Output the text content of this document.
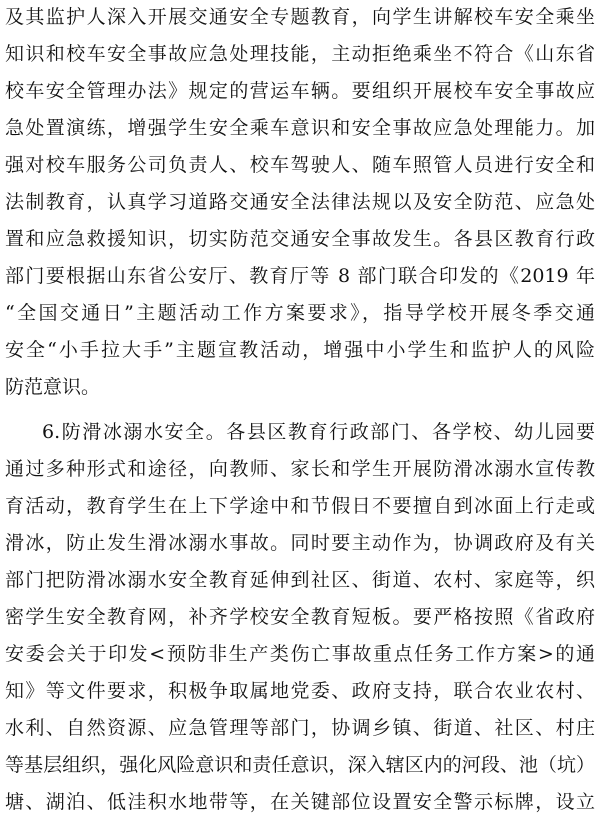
及其监护人深入开展交通安全专题教育，向学生讲解校车安全乘坐
知识和校车安全事故应急处理技能，主动拒绝乘坐不符合《山东省
校车安全管理办法》规定的营运车辆。要组织开展校车安全事故应
急处置演练，增强学生安全乘车意识和安全事故应急处理能力。加
强对校车服务公司负责人、校车驾驶人、随车照管人员进行安全和
法制教育，认真学习道路交通安全法律法规以及安全防范、应急处
置和应急救援知识，切实防范交通安全事故发生。各县区教育行政
部门要根据山东省公安厅、教育厅等 8 部门联合印发的《2019 年
“全国交通日”主题活动工作方案要求》，指导学校开展冬季交通
安全“小手拉大手”主题宣教活动，增强中小学生和监护人的风险
防范意识。
6.防滑冰溺水安全。各县区教育行政部门、各学校、幼儿园要
通过多种形式和途径，向教师、家长和学生开展防滑冰溺水宣传教
育活动，教育学生在上下学途中和节假日不要擅自到冰面上行走或
滑冰，防止发生滑冰溺水事故。同时要主动作为，协调政府及有关
部门把防滑冰溺水安全教育延伸到社区、街道、农村、家庭等，织
密学生安全教育网，补齐学校安全教育短板。要严格按照《省政府
安委会关于印发<预防非生产类伤亡事故重点任务工作方案>的通
知》等文件要求，积极争取属地党委、政府支持，联合农业农村、
水利、自然资源、应急管理等部门，协调乡镇、街道、社区、村庄
等基层组织，强化风险意识和责任意识，深入辖区内的河段、池（坑）
塘、湖泊、低洼积水地带等，在关键部位设置安全警示标牌，设立
